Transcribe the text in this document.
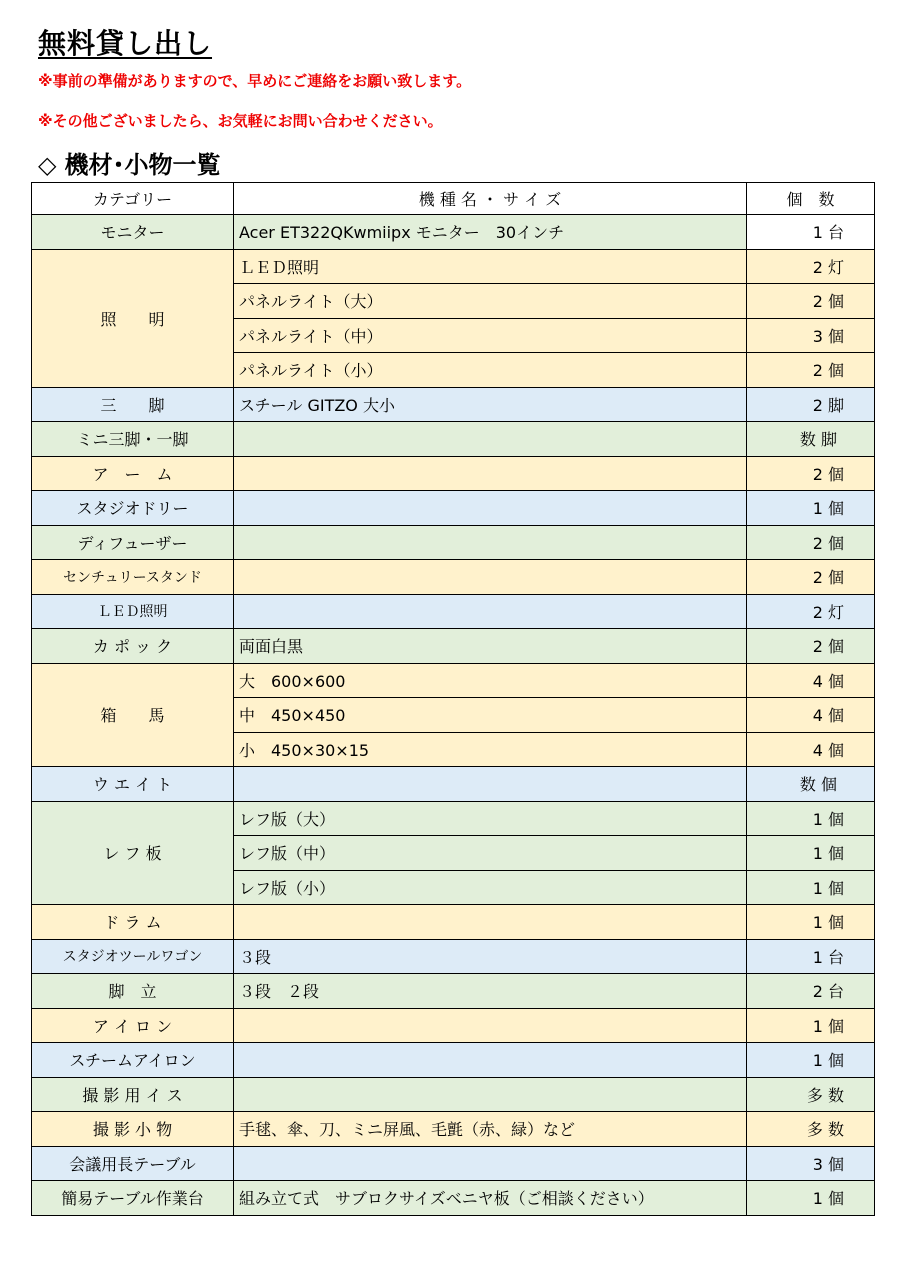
無料貸し出し
※事前の準備がありますので、早めにご連絡をお願い致します。
※その他ございましたら、お気軽にお問い合わせください。
◇ 機材･小物一覧
カテゴリー	機 種 名 ・ サ イ ズ	個　数
モニター	Acer ET322QKwmiipx モニター　30インチ	1 台
照　　明	ＬＥＤ照明	2 灯
	パネルライト（大）	2 個
	パネルライト（中）	3 個
	パネルライト（小）	2 個
三　　脚	スチール GITZO 大小	2 脚
ミニ三脚・一脚		数 脚
ア　ー　ム		2 個
スタジオドリー		1 個
ディフューザー		2 個
センチュリースタンド		2 個
ＬＥＤ照明		2 灯
カ ポ ッ ク	両面白黒	2 個
箱　　馬	大　600×600	4 個
	中　450×450	4 個
	小　450×30×15	4 個
ウ エ イ ト		数 個
レ フ 板	レフ版（大）	1 個
	レフ版（中）	1 個
	レフ版（小）	1 個
ド ラ ム		1 個
スタジオツールワゴン	３段	1 台
脚　立	３段　２段	2 台
ア イ ロ ン		1 個
スチームアイロン		1 個
撮 影 用 イ ス		多 数
撮 影 小 物	手毬、傘、刀、ミニ屏風、毛氈（赤、緑）など	多 数
会議用長テーブル		3 個
簡易テーブル作業台	組み立て式　サブロクサイズベニヤ板（ご相談ください）	1 個
